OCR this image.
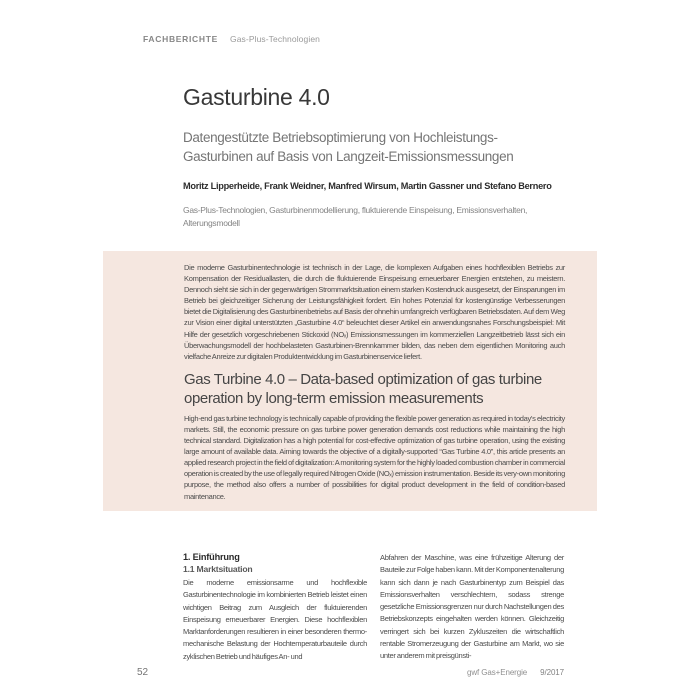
FACHBERICHTE Gas-Plus-Technologien
Gasturbine 4.0
Datengestützte Betriebsoptimierung von Hochleistungs-Gasturbinen auf Basis von Langzeit-Emissionsmessungen
Moritz Lipperheide, Frank Weidner, Manfred Wirsum, Martin Gassner und Stefano Bernero
Gas-Plus-Technologien, Gasturbinenmodellierung, fluktuierende Einspeisung, Emissionsverhalten, Alterungsmodell

Die moderne Gasturbinentechnologie ist technisch in der Lage, die komplexen Aufgaben eines hochflexiblen Betriebs zur Kompensation der Residuallasten, die durch die fluktuierende Einspeisung erneuerbarer Energien entstehen, zu meistern. Dennoch sieht sie sich in der gegenwärtigen Strommarktsituation einem starken Kostendruck ausgesetzt, der Einsparungen im Betrieb bei gleichzeitiger Sicherung der Leistungsfähigkeit fordert. Ein hohes Potenzial für kostengünstige Verbesserungen bietet die Digitalisierung des Gasturbinenbetriebs auf Basis der ohnehin umfangreich verfügbaren Betriebsdaten. Auf dem Weg zur Vision einer digital unterstützten „Gasturbine 4.0“ beleuchtet dieser Artikel ein anwendungsnahes Forschungsbeispiel: Mit Hilfe der gesetzlich vorgeschriebenen Stickoxid (NOₓ) Emissionsmessungen im kommerziellen Langzeitbetrieb lässt sich ein Überwachungsmodell der hochbelasteten Gasturbinen-Brennkammer bilden, das neben dem eigentlichen Monitoring auch vielfache Anreize zur digitalen Produktentwicklung im Gasturbinenservice liefert.

Gas Turbine 4.0 – Data-based optimization of gas turbine operation by long-term emission measurements

High-end gas turbine technology is technically capable of providing the flexible power generation as required in today's electricity markets. Still, the economic pressure on gas turbine power generation demands cost reductions while maintaining the high technical standard. Digitalization has a high potential for cost-effective optimization of gas turbine operation, using the existing large amount of available data. Aiming towards the objective of a digitally-supported “Gas Turbine 4.0”, this article presents an applied research project in the field of digitalization: A monitoring system for the highly loaded combustion chamber in commercial operation is created by the use of legally required Nitrogen Oxide (NOₓ) emission instrumentation. Beside its very-own monitoring purpose, the method also offers a number of possibilities for digital product development in the field of condition-based maintenance.

1. Einführung
1.1 Marktsituation

Die moderne emissionsarme und hochflexible Gasturbinentechnologie im kombinierten Betrieb leistet einen wichtigen Beitrag zum Ausgleich der fluktuierenden Einspeisung erneuerbarer Energien. Diese hochflexiblen Marktanforderungen resultieren in einer besonderen thermo-mechanische Belastung der Hochtemperaturbauteile durch zyklischen Betrieb und häufiges An- und

Abfahren der Maschine, was eine frühzeitige Alterung der Bauteile zur Folge haben kann. Mit der Komponentenalterung kann sich dann je nach Gasturbinentyp zum Beispiel das Emissionsverhalten verschlechtern, sodass strenge gesetzliche Emissionsgrenzen nur durch Nachstellungen des Betriebskonzepts eingehalten werden können. Gleichzeitig verringert sich bei kurzen Zykluszeiten die wirtschaftlich rentable Stromerzeugung der Gasturbine am Markt, wo sie unter anderem mit preisgünsti-

52	gwf Gas+Energie 9/2017
